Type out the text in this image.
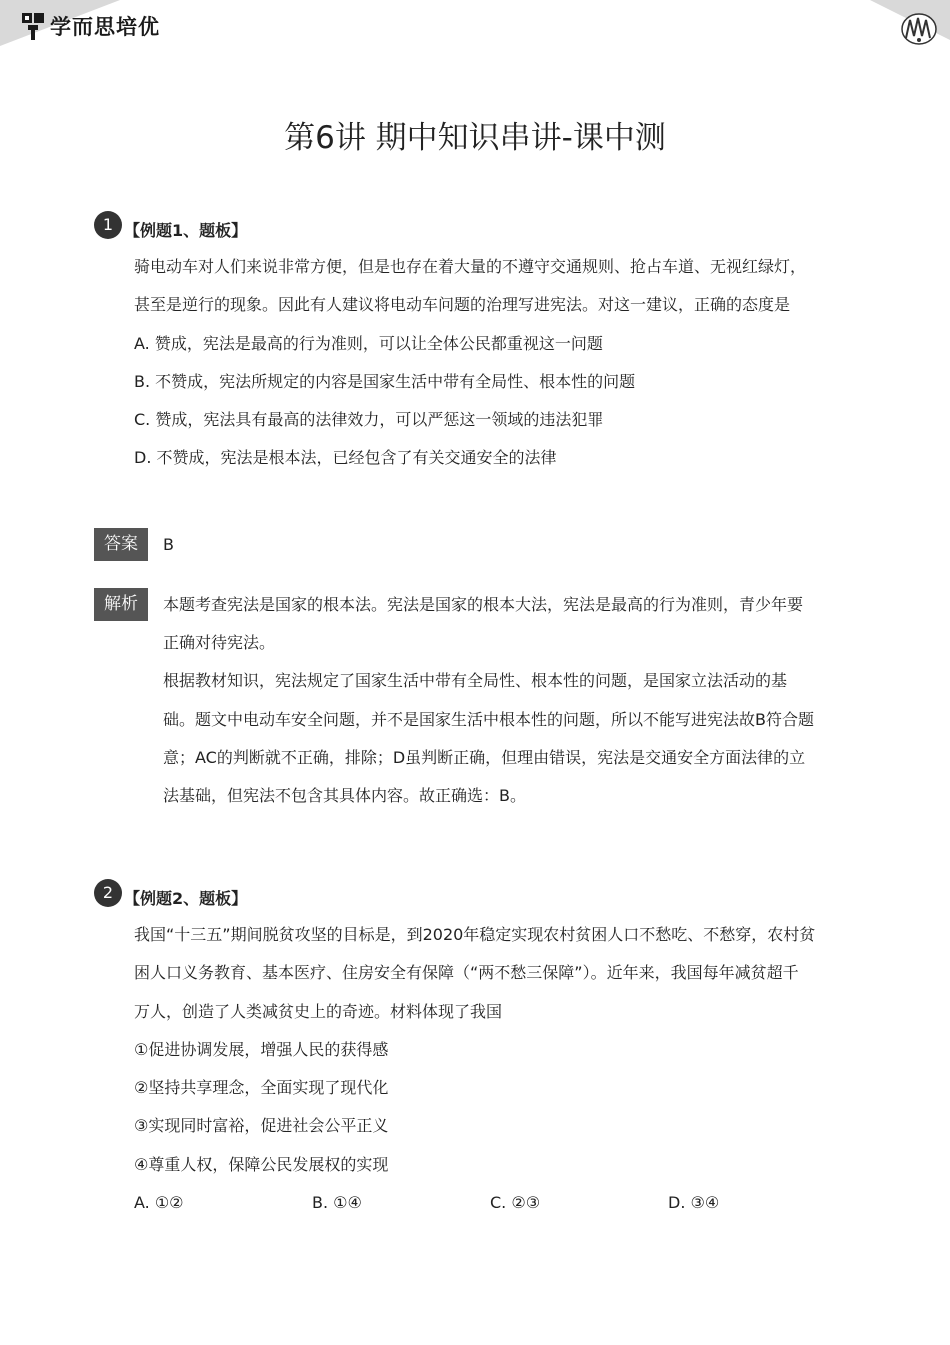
学而思培优
第6讲 期中知识串讲-课中测
1 【例题1、题板】
骑电动车对人们来说非常方便，但是也存在着大量的不遵守交通规则、抢占车道、无视红绿灯，
甚至是逆行的现象。因此有人建议将电动车问题的治理写进宪法。对这一建议，正确的态度是
A. 赞成，宪法是最高的行为准则，可以让全体公民都重视这一问题
B. 不赞成，宪法所规定的内容是国家生活中带有全局性、根本性的问题
C. 赞成，宪法具有最高的法律效力，可以严惩这一领域的违法犯罪
D. 不赞成，宪法是根本法，已经包含了有关交通安全的法律
答案	B
解析	本题考查宪法是国家的根本法。宪法是国家的根本大法，宪法是最高的行为准则，青少年要
正确对待宪法。
根据教材知识，宪法规定了国家生活中带有全局性、根本性的问题，是国家立法活动的基
础。题文中电动车安全问题，并不是国家生活中根本性的问题，所以不能写进宪法故B符合题
意；AC的判断就不正确，排除；D虽判断正确，但理由错误，宪法是交通安全方面法律的立
法基础，但宪法不包含其具体内容。故正确选：B。
2 【例题2、题板】
我国“十三五”期间脱贫攻坚的目标是，到2020年稳定实现农村贫困人口不愁吃、不愁穿，农村贫
困人口义务教育、基本医疗、住房安全有保障（“两不愁三保障”）。近年来，我国每年减贫超千
万人，创造了人类减贫史上的奇迹。材料体现了我国
①促进协调发展，增强人民的获得感
②坚持共享理念，全面实现了现代化
③实现同时富裕，促进社会公平正义
④尊重人权，保障公民发展权的实现
A. ①②	B. ①④	C. ②③	D. ③④
